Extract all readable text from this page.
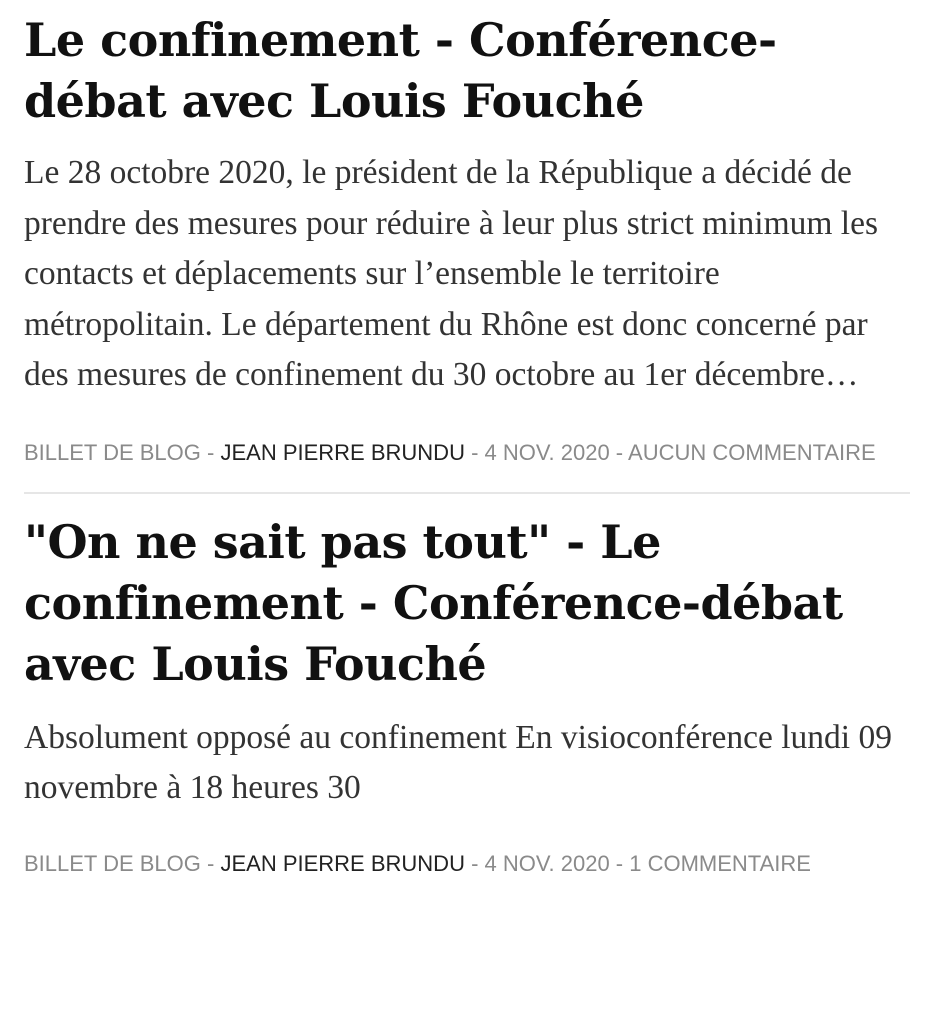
Le confinement - Conférence-débat avec Louis Fouché

Le 28 octobre 2020, le président de la République a décidé de prendre des mesures pour réduire à leur plus strict minimum les contacts et déplacements sur l’ensemble le territoire métropolitain. Le département du Rhône est donc concerné par des mesures de confinement du 30 octobre au 1er décembre…

BILLET DE BLOG - JEAN PIERRE BRUNDU - 4 NOV. 2020 - AUCUN COMMENTAIRE
"On ne sait pas tout" - Le confinement - Conférence-débat avec Louis Fouché

Absolument opposé au confinement En visioconférence lundi 09 novembre à 18 heures 30

BILLET DE BLOG - JEAN PIERRE BRUNDU - 4 NOV. 2020 - 1 COMMENTAIRE
